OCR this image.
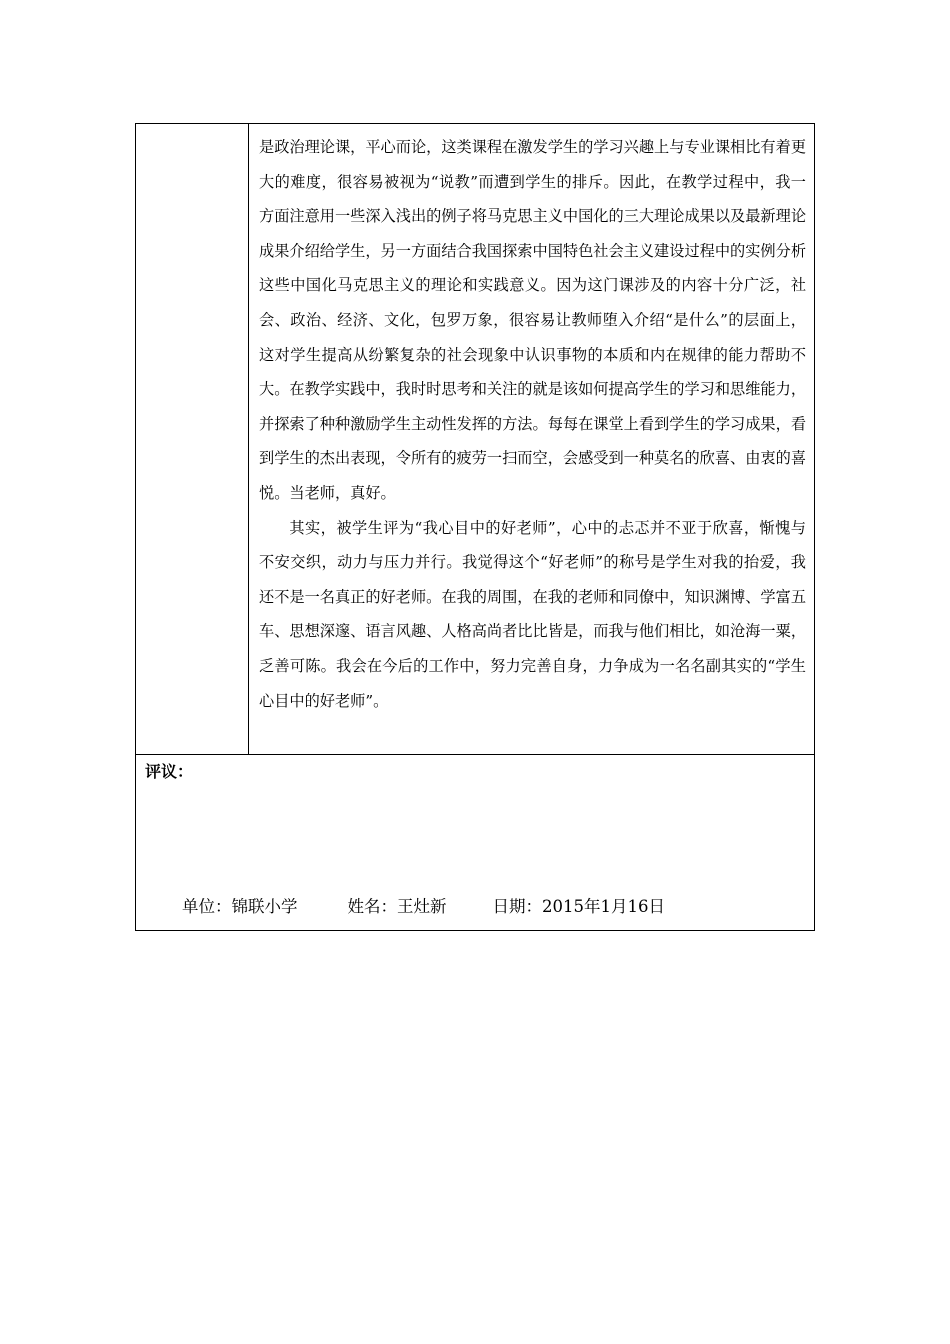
是政治理论课，平心而论，这类课程在激发学生的学习兴趣上与专业课相比有着更大的难度，很容易被视为“说教”而遭到学生的排斥。因此，在教学过程中，我一方面注意用一些深入浅出的例子将马克思主义中国化的三大理论成果以及最新理论成果介绍给学生，另一方面结合我国探索中国特色社会主义建设过程中的实例分析这些中国化马克思主义的理论和实践意义。因为这门课涉及的内容十分广泛，社会、政治、经济、文化，包罗万象，很容易让教师堕入介绍“是什么”的层面上，这对学生提高从纷繁复杂的社会现象中认识事物的本质和内在规律的能力帮助不大。在教学实践中，我时时思考和关注的就是该如何提高学生的学习和思维能力，并探索了种种激励学生主动性发挥的方法。每每在课堂上看到学生的学习成果，看到学生的杰出表现，令所有的疲劳一扫而空，会感受到一种莫名的欣喜、由衷的喜悦。当老师，真好。

其实，被学生评为“我心目中的好老师”，心中的忐忑并不亚于欣喜，惭愧与不安交织，动力与压力并行。我觉得这个“好老师”的称号是学生对我的抬爱，我还不是一名真正的好老师。在我的周围，在我的老师和同僚中，知识渊博、学富五车、思想深邃、语言风趣、人格高尚者比比皆是，而我与他们相比，如沧海一粟，乏善可陈。我会在今后的工作中，努力完善自身，力争成为一名名副其实的“学生心目中的好老师”。

评议：
单位：锦联小学	姓名：王灶新	日期：2015年1月16日
